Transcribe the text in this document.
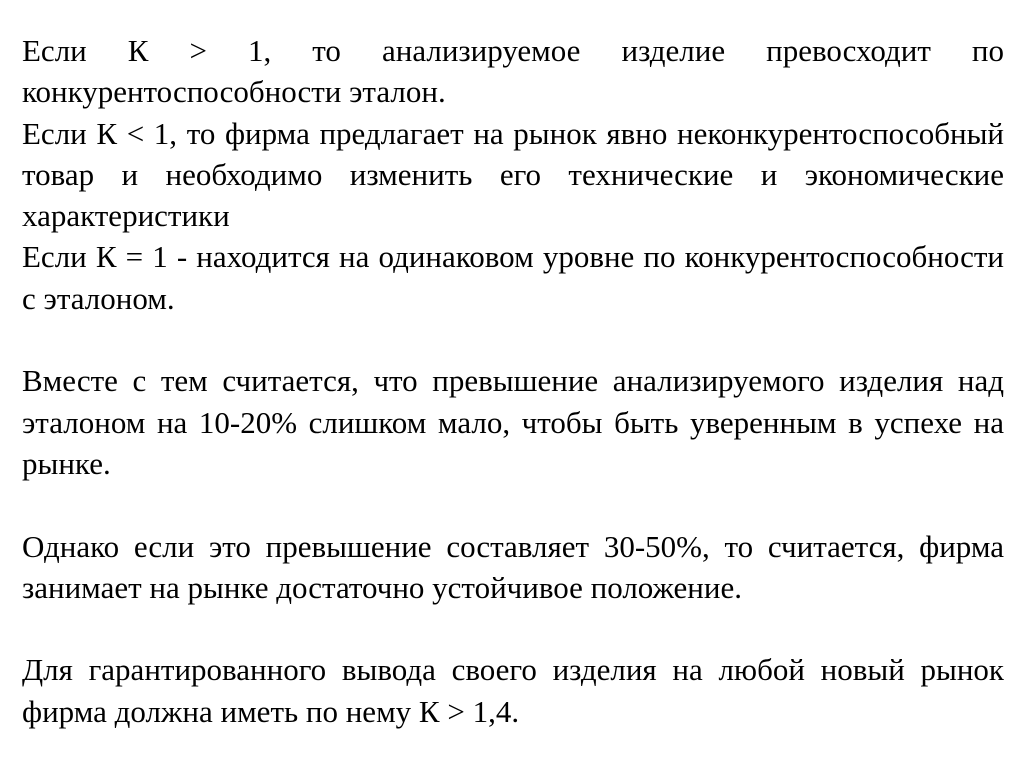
Если К > 1, то анализируемое изделие превосходит по конкурентоспособности эталон.

Если К < 1, то фирма предлагает на рынок явно неконкурентоспособный товар и необходимо изменить его технические и экономические характеристики

Если К = 1 - находится на одинаковом уровне по конкурентоспособности с эталоном.

Вместе с тем считается, что превышение анализируемого изделия над эталоном на 10-20% слишком мало, чтобы быть уверенным в успехе на рынке.

Однако если это превышение составляет 30-50%, то считается, фирма занимает на рынке достаточно устойчивое положение.

Для гарантированного вывода своего изделия на любой новый рынок фирма должна иметь по нему К > 1,4.
